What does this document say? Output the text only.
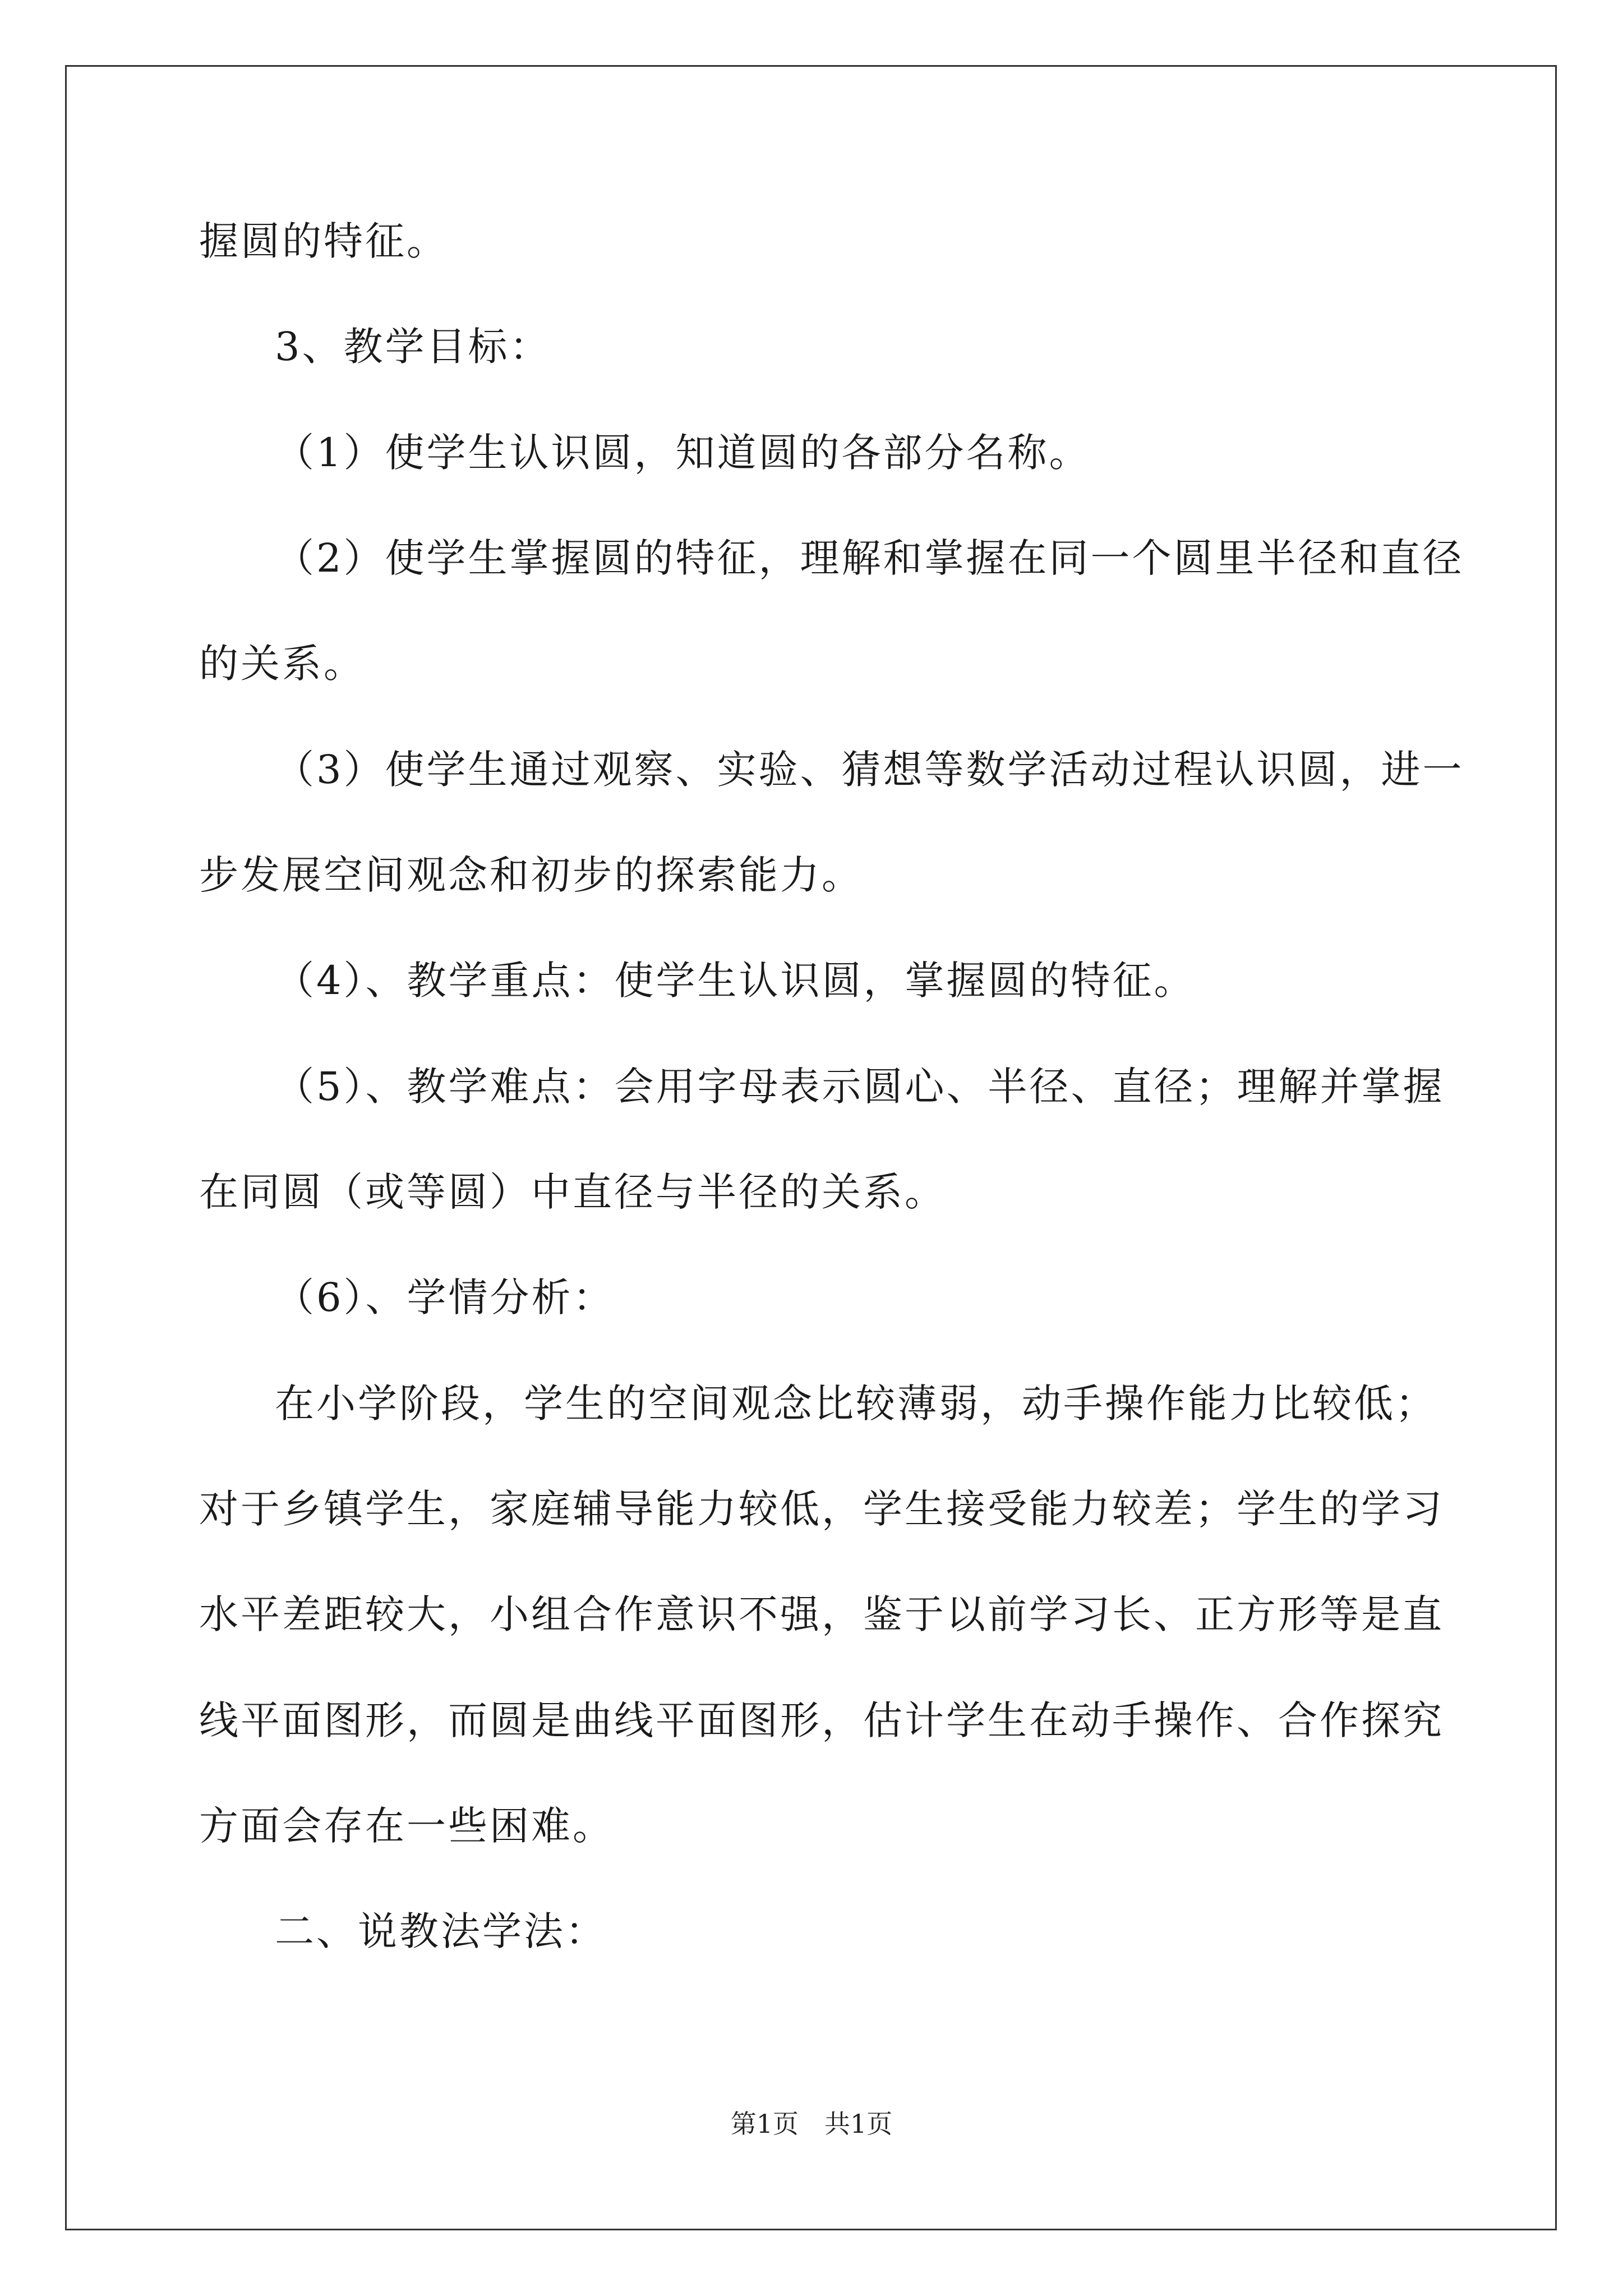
握圆的特征。
3、教学目标：
（1）使学生认识圆，知道圆的各部分名称。
（2）使学生掌握圆的特征，理解和掌握在同一个圆里半径和直径
的关系。
（3）使学生通过观察、实验、猜想等数学活动过程认识圆，进一
步发展空间观念和初步的探索能力。
（4）、教学重点：使学生认识圆，掌握圆的特征。
（5）、教学难点：会用字母表示圆心、半径、直径；理解并掌握
在同圆（或等圆）中直径与半径的关系。
（6）、学情分析：
在小学阶段，学生的空间观念比较薄弱，动手操作能力比较低；
对于乡镇学生，家庭辅导能力较低，学生接受能力较差；学生的学习
水平差距较大，小组合作意识不强，鉴于以前学习长、正方形等是直
线平面图形，而圆是曲线平面图形，估计学生在动手操作、合作探究
方面会存在一些困难。
二、说教法学法：
第1页　共1页
